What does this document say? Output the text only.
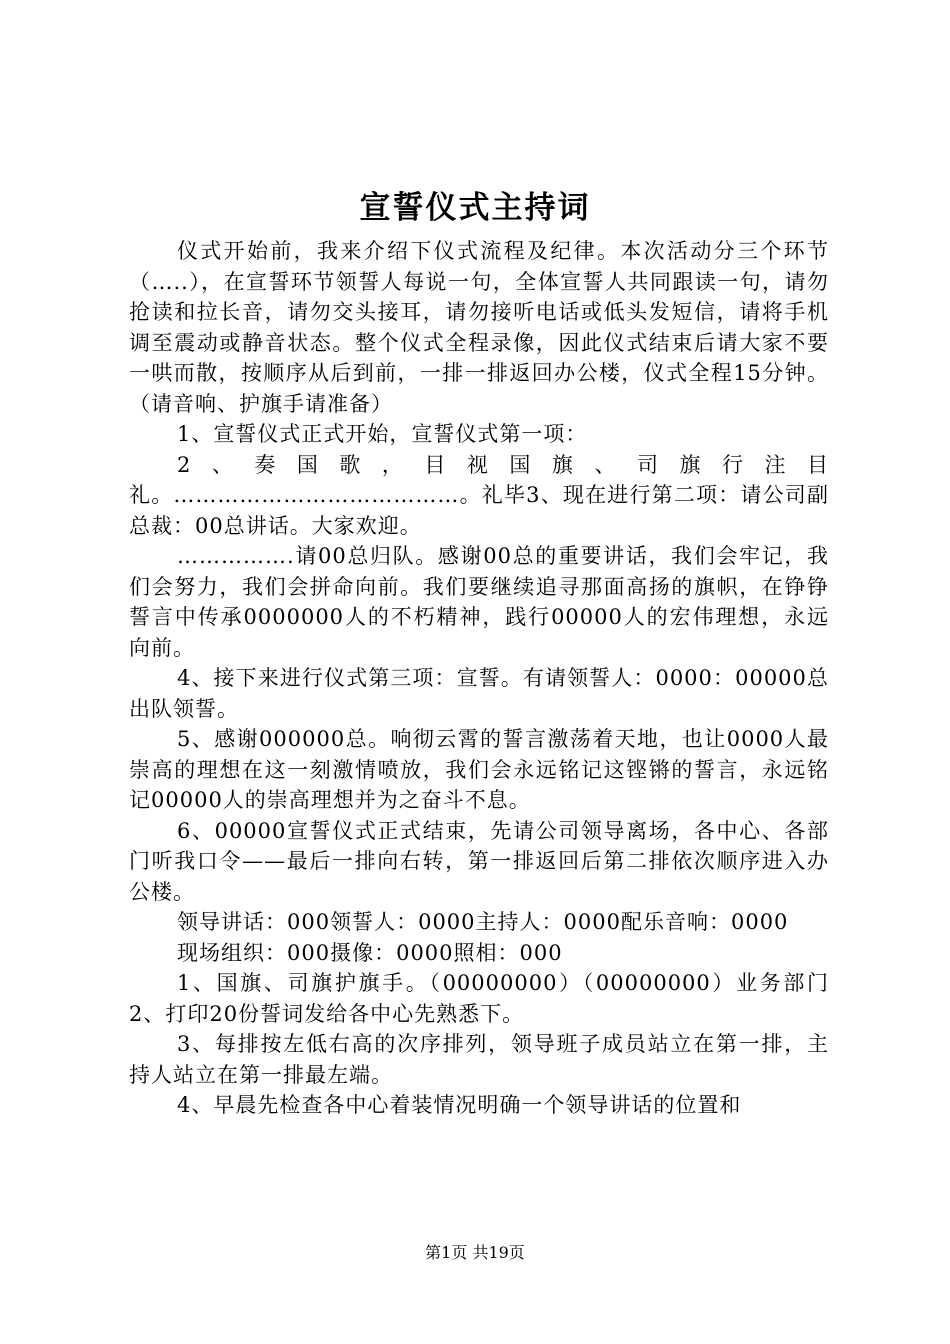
宣誓仪式主持词

仪式开始前，我来介绍下仪式流程及纪律。本次活动分三个环节（…..），在宣誓环节领誓人每说一句，全体宣誓人共同跟读一句，请勿抢读和拉长音，请勿交头接耳，请勿接听电话或低头发短信，请将手机调至震动或静音状态。整个仪式全程录像，因此仪式结束后请大家不要一哄而散，按顺序从后到前，一排一排返回办公楼，仪式全程15分钟。（请音响、护旗手请准备）

1、宣誓仪式正式开始，宣誓仪式第一项：

2、奏国歌，目视国旗、司旗行注目礼。…………………………………。礼毕3、现在进行第二项：请公司副总裁：00总讲话。大家欢迎。

…………….请00总归队。感谢00总的重要讲话，我们会牢记，我们会努力，我们会拼命向前。我们要继续追寻那面高扬的旗帜，在铮铮誓言中传承0000000人的不朽精神，践行00000人的宏伟理想，永远向前。

4、接下来进行仪式第三项：宣誓。有请领誓人：0000：00000总出队领誓。

5、感谢000000总。响彻云霄的誓言激荡着天地，也让0000人最崇高的理想在这一刻激情喷放，我们会永远铭记这铿锵的誓言，永远铭记00000人的崇高理想并为之奋斗不息。

6、00000宣誓仪式正式结束，先请公司领导离场，各中心、各部门听我口令——最后一排向右转，第一排返回后第二排依次顺序进入办公楼。

领导讲话：000领誓人：0000主持人：0000配乐音响：0000

现场组织：000摄像：0000照相：000

1、国旗、司旗护旗手。（00000000）（00000000）业务部门2、打印20份誓词发给各中心先熟悉下。

3、每排按左低右高的次序排列，领导班子成员站立在第一排，主持人站立在第一排最左端。

4、早晨先检查各中心着装情况明确一个领导讲话的位置和

第1页 共19页
